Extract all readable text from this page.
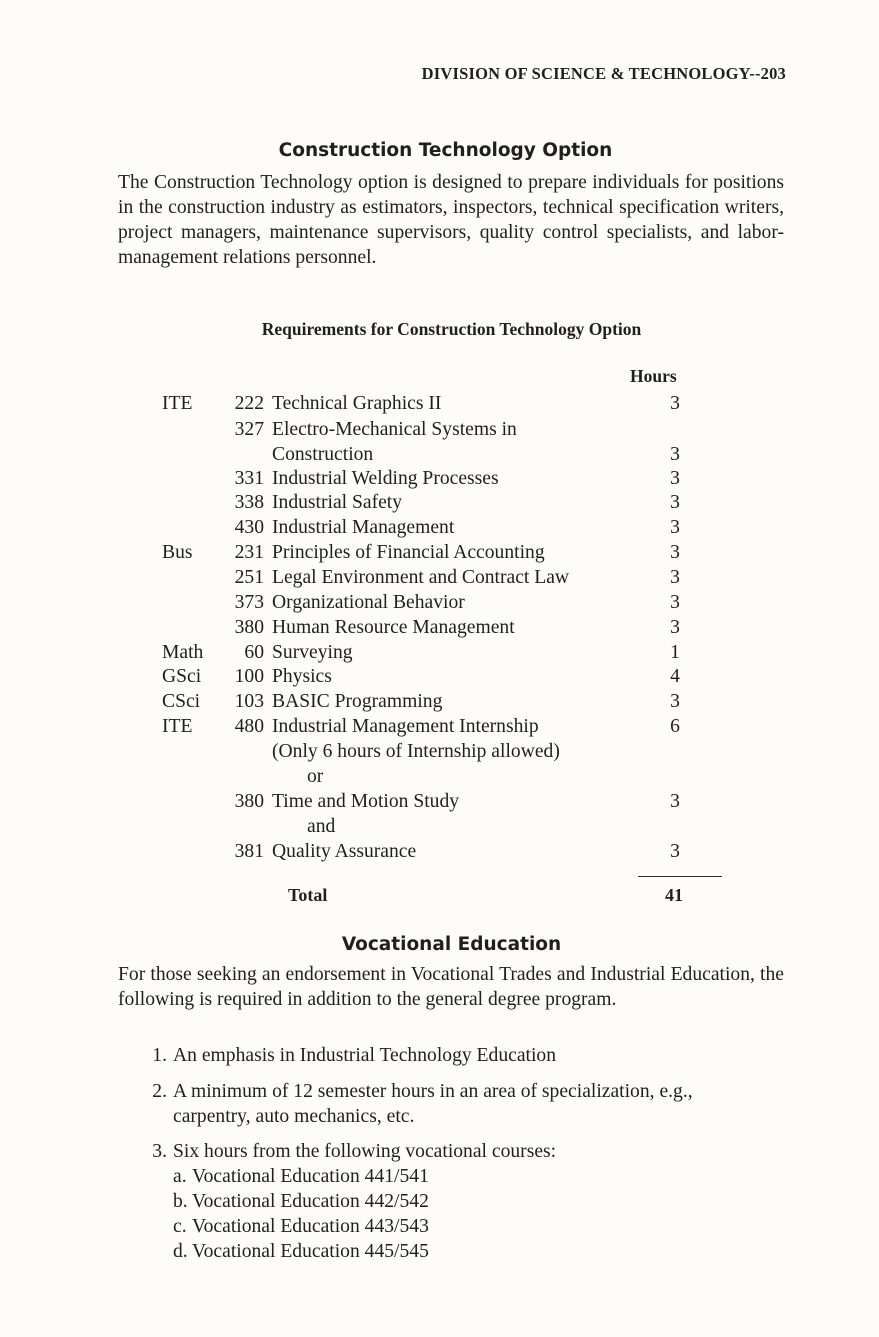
DIVISION OF SCIENCE & TECHNOLOGY--203
Construction Technology Option
The Construction Technology option is designed to prepare individuals for positions in the construction industry as estimators, inspectors, technical specification writers, project managers, maintenance supervisors, quality control specialists, and labor-management relations personnel.
Requirements for Construction Technology Option
Hours
ITE	222 Technical Graphics II	3
327 Electro-Mechanical Systems in
Construction	3
331 Industrial Welding Processes	3
338 Industrial Safety	3
430 Industrial Management	3
Bus	231 Principles of Financial Accounting	3
251 Legal Environment and Contract Law	3
373 Organizational Behavior	3
380 Human Resource Management	3
Math	60 Surveying	1
GSci	100 Physics	4
CSci	103 BASIC Programming	3
ITE	480 Industrial Management Internship	6
(Only 6 hours of Internship allowed)
or
380 Time and Motion Study	3
and
381 Quality Assurance	3
Total	41
Vocational Education
For those seeking an endorsement in Vocational Trades and Industrial Education, the following is required in addition to the general degree program.
1. An emphasis in Industrial Technology Education
2. A minimum of 12 semester hours in an area of specialization, e.g.,
carpentry, auto mechanics, etc.
3. Six hours from the following vocational courses:
a. Vocational Education 441/541
b. Vocational Education 442/542
c. Vocational Education 443/543
d. Vocational Education 445/545
